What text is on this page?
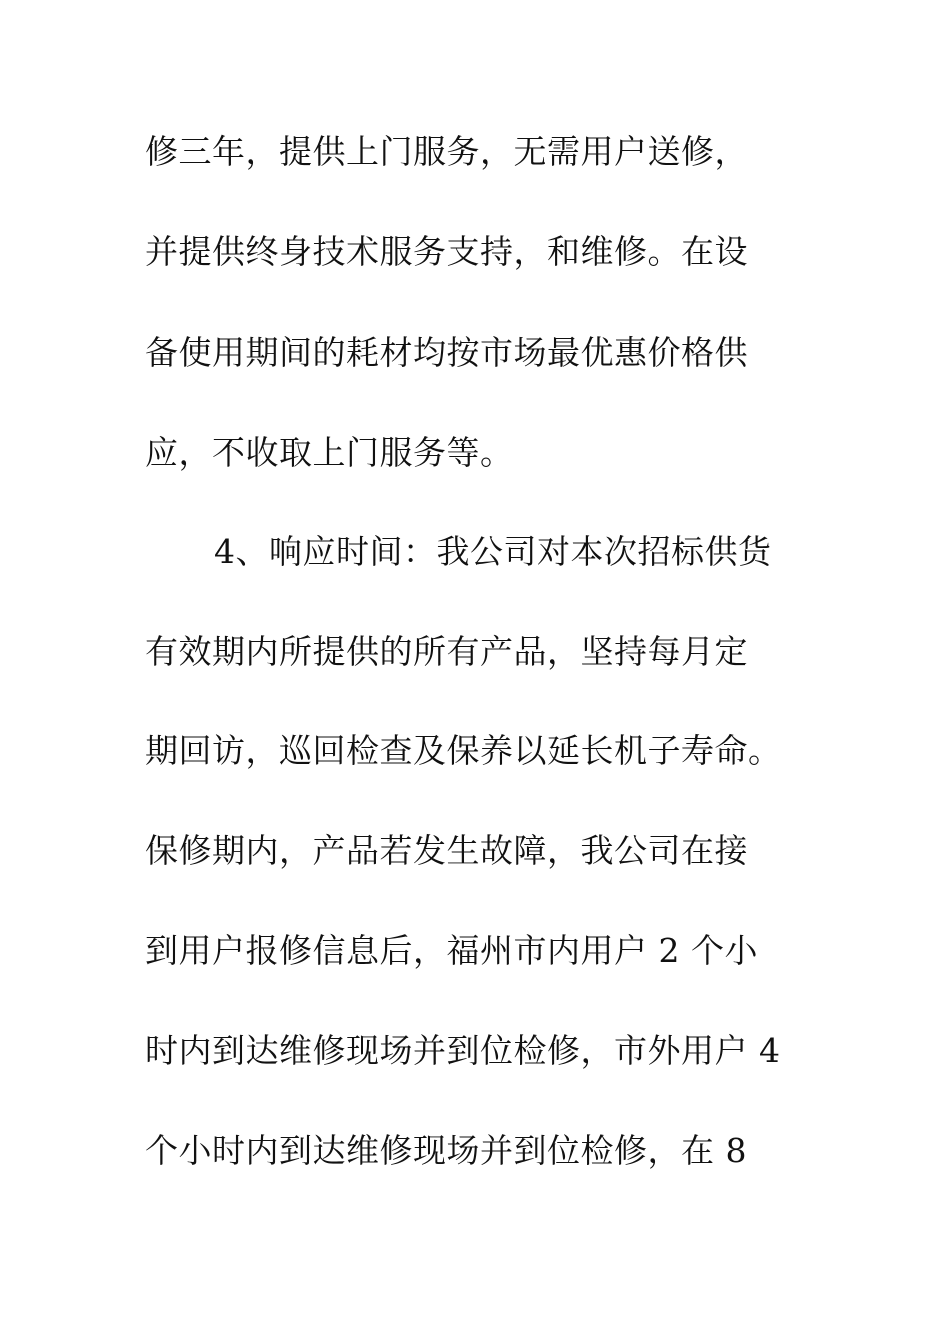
修三年，提供上门服务，无需用户送修，
并提供终身技术服务支持，和维修。在设
备使用期间的耗材均按市场最优惠价格供
应，不收取上门服务等。
4、响应时间：我公司对本次招标供货
有效期内所提供的所有产品，坚持每月定
期回访，巡回检查及保养以延长机子寿命。
保修期内，产品若发生故障，我公司在接
到用户报修信息后，福州市内用户 2 个小
时内到达维修现场并到位检修，市外用户 4
个小时内到达维修现场并到位检修，在 8
